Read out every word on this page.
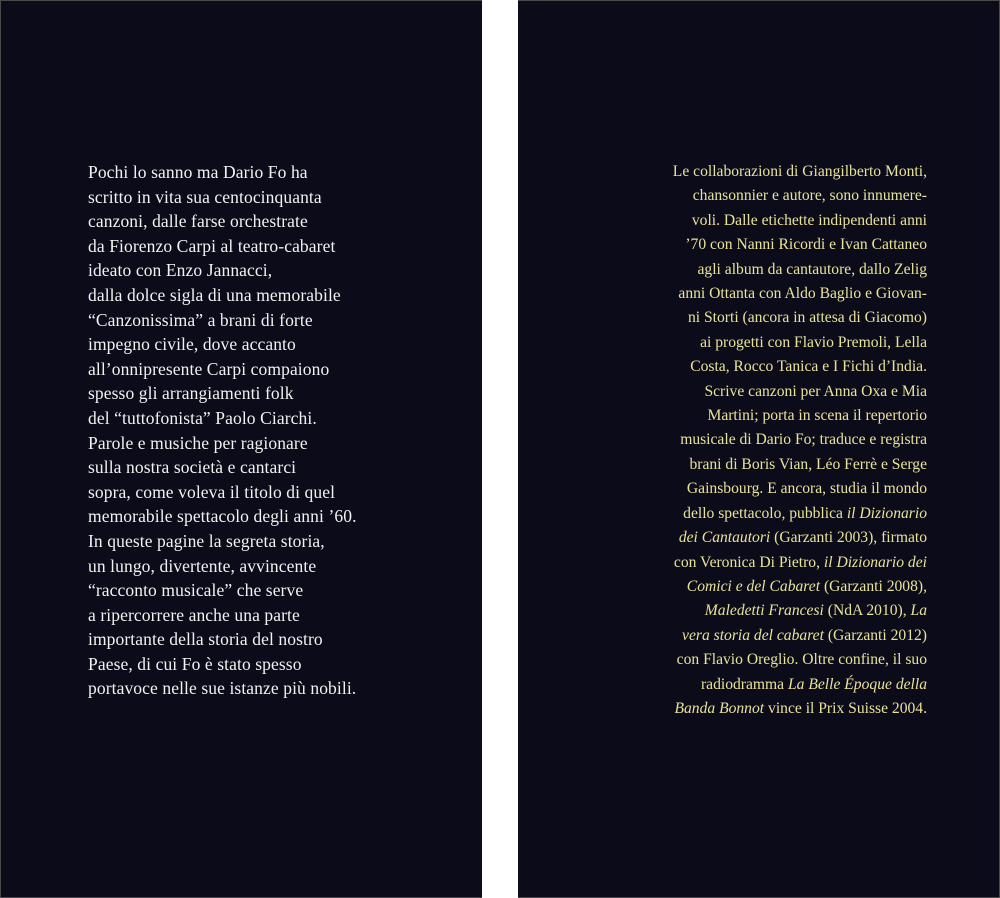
Pochi lo sanno ma Dario Fo ha
scritto in vita sua centocinquanta
canzoni, dalle farse orchestrate
da Fiorenzo Carpi al teatro-cabaret
ideato con Enzo Jannacci,
dalla dolce sigla di una memorabile
“Canzonissima” a brani di forte
impegno civile, dove accanto
all’onnipresente Carpi compaiono
spesso gli arrangiamenti folk
del “tuttofonista” Paolo Ciarchi.
Parole e musiche per ragionare
sulla nostra società e cantarci
sopra, come voleva il titolo di quel
memorabile spettacolo degli anni ’60.
In queste pagine la segreta storia,
un lungo, divertente, avvincente
“racconto musicale” che serve
a ripercorrere anche una parte
importante della storia del nostro
Paese, di cui Fo è stato spesso
portavoce nelle sue istanze più nobili.
Le collaborazioni di Giangilberto Monti,
chansonnier e autore, sono innumere-
voli. Dalle etichette indipendenti anni
’70 con Nanni Ricordi e Ivan Cattaneo
agli album da cantautore, dallo Zelig
anni Ottanta con Aldo Baglio e Giovan-
ni Storti (ancora in attesa di Giacomo)
ai progetti con Flavio Premoli, Lella
Costa, Rocco Tanica e I Fichi d’India.
Scrive canzoni per Anna Oxa e Mia
Martini; porta in scena il repertorio
musicale di Dario Fo; traduce e registra
brani di Boris Vian, Léo Ferrè e Serge
Gainsbourg. E ancora, studia il mondo
dello spettacolo, pubblica il Dizionario
dei Cantautori (Garzanti 2003), firmato
con Veronica Di Pietro, il Dizionario dei
Comici e del Cabaret (Garzanti 2008),
Maledetti Francesi (NdA 2010), La
vera storia del cabaret (Garzanti 2012)
con Flavio Oreglio. Oltre confine, il suo
radiodramma La Belle Époque della
Banda Bonnot vince il Prix Suisse 2004.
